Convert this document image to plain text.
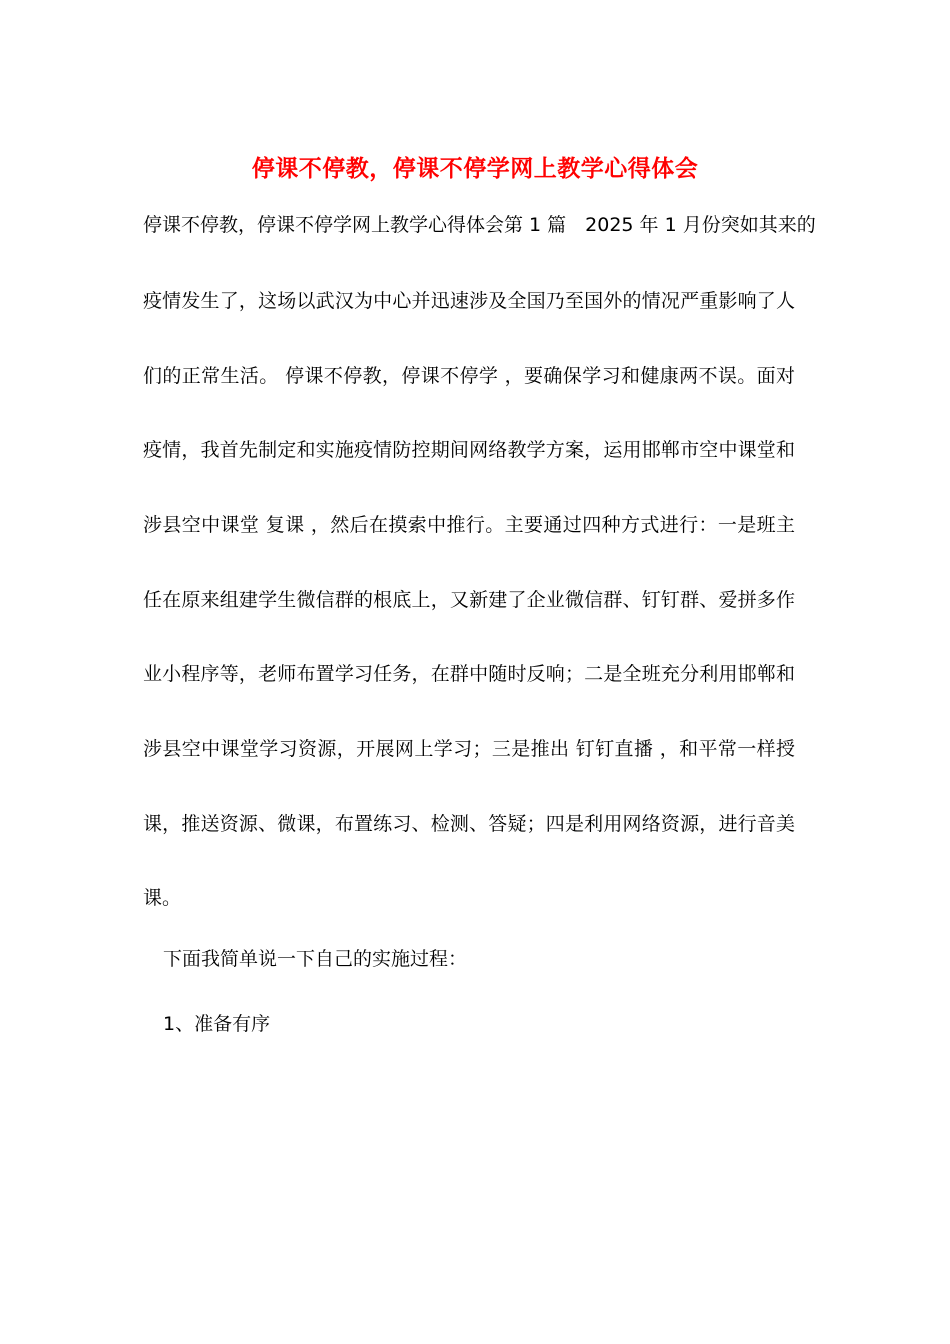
停课不停教，停课不停学网上教学心得体会
停课不停教，停课不停学网上教学心得体会第 1 篇　2025 年 1 月份突如其来的
疫情发生了，这场以武汉为中心并迅速涉及全国乃至国外的情况严重影响了人
们的正常生活。 停课不停教，停课不停学 ，要确保学习和健康两不误。面对
疫情，我首先制定和实施疫情防控期间网络教学方案，运用邯郸市空中课堂和
涉县空中课堂 复课 ，然后在摸索中推行。主要通过四种方式进行：一是班主
任在原来组建学生微信群的根底上，又新建了企业微信群、钉钉群、爱拼多作
业小程序等，老师布置学习任务，在群中随时反响；二是全班充分利用邯郸和
涉县空中课堂学习资源，开展网上学习；三是推出 钉钉直播 ，和平常一样授
课，推送资源、微课，布置练习、检测、答疑；四是利用网络资源，进行音美
课。
下面我简单说一下自己的实施过程：
1、准备有序
